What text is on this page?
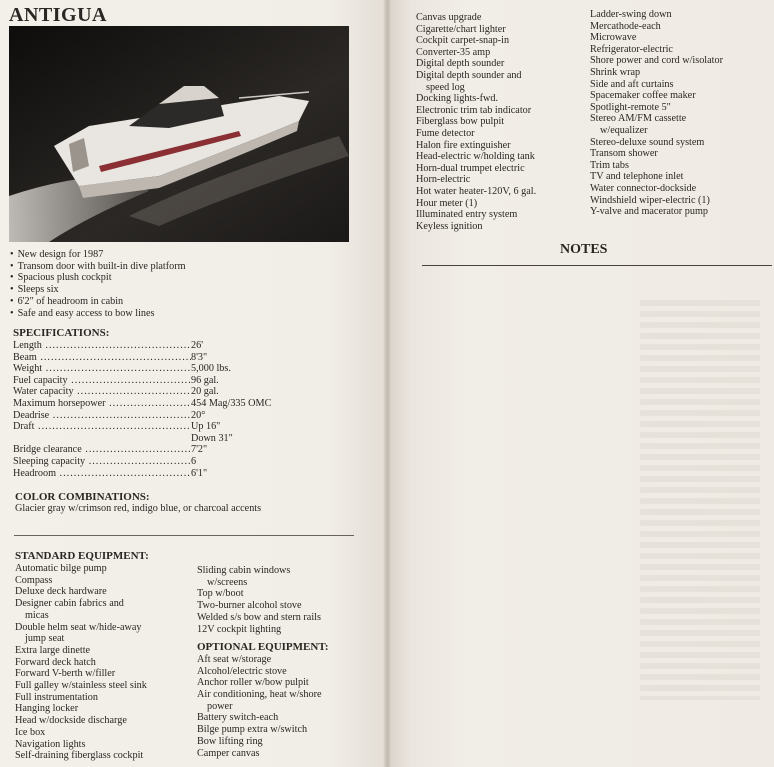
ANTIGUA
• New design for 1987
• Transom door with built-in dive platform
• Spacious plush cockpit
• Sleeps six
• 6'2" of headroom in cabin
• Safe and easy access to bow lines
SPECIFICATIONS:
Length .....	26'
Beam .....	8'3"
Weight .....	5,000 lbs.
Fuel capacity .....	96 gal.
Water capacity .....	20 gal.
Maximum horsepower .....	454 Mag/335 OMC
Deadrise .....	20°
Draft .....	Up 16"
Down 31"
Bridge clearance .....	7'2"
Sleeping capacity .....	6
Headroom .....	6'1"
COLOR COMBINATIONS:
Glacier gray w/crimson red, indigo blue, or charcoal accents
STANDARD EQUIPMENT:
Automatic bilge pump
Compass
Deluxe deck hardware
Designer cabin fabrics and
micas
Double helm seat w/hide-away
jump seat
Extra large dinette
Forward deck hatch
Forward V-berth w/filler
Full galley w/stainless steel sink
Full instrumentation
Hanging locker
Head w/dockside discharge
Ice box
Navigation lights
Self-draining fiberglass cockpit
Sliding cabin windows
w/screens
Top w/boot
Two-burner alcohol stove
Welded s/s bow and stern rails
12V cockpit lighting
OPTIONAL EQUIPMENT:
Aft seat w/storage
Alcohol/electric stove
Anchor roller w/bow pulpit
Air conditioning, heat w/shore
power
Battery switch-each
Bilge pump extra w/switch
Bow lifting ring
Camper canvas
Canvas upgrade
Cigarette/chart lighter
Cockpit carpet-snap-in
Converter-35 amp
Digital depth sounder
Digital depth sounder and
speed log
Docking lights-fwd.
Electronic trim tab indicator
Fiberglass bow pulpit
Fume detector
Halon fire extinguisher
Head-electric w/holding tank
Horn-dual trumpet electric
Horn-electric
Hot water heater-120V, 6 gal.
Hour meter (1)
Illuminated entry system
Keyless ignition
Ladder-swing down
Mercathode-each
Microwave
Refrigerator-electric
Shore power and cord w/isolator
Shrink wrap
Side and aft curtains
Spacemaker coffee maker
Spotlight-remote 5"
Stereo AM/FM cassette
w/equalizer
Stereo-deluxe sound system
Transom shower
Trim tabs
TV and telephone inlet
Water connector-dockside
Windshield wiper-electric (1)
Y-valve and macerator pump
NOTES
